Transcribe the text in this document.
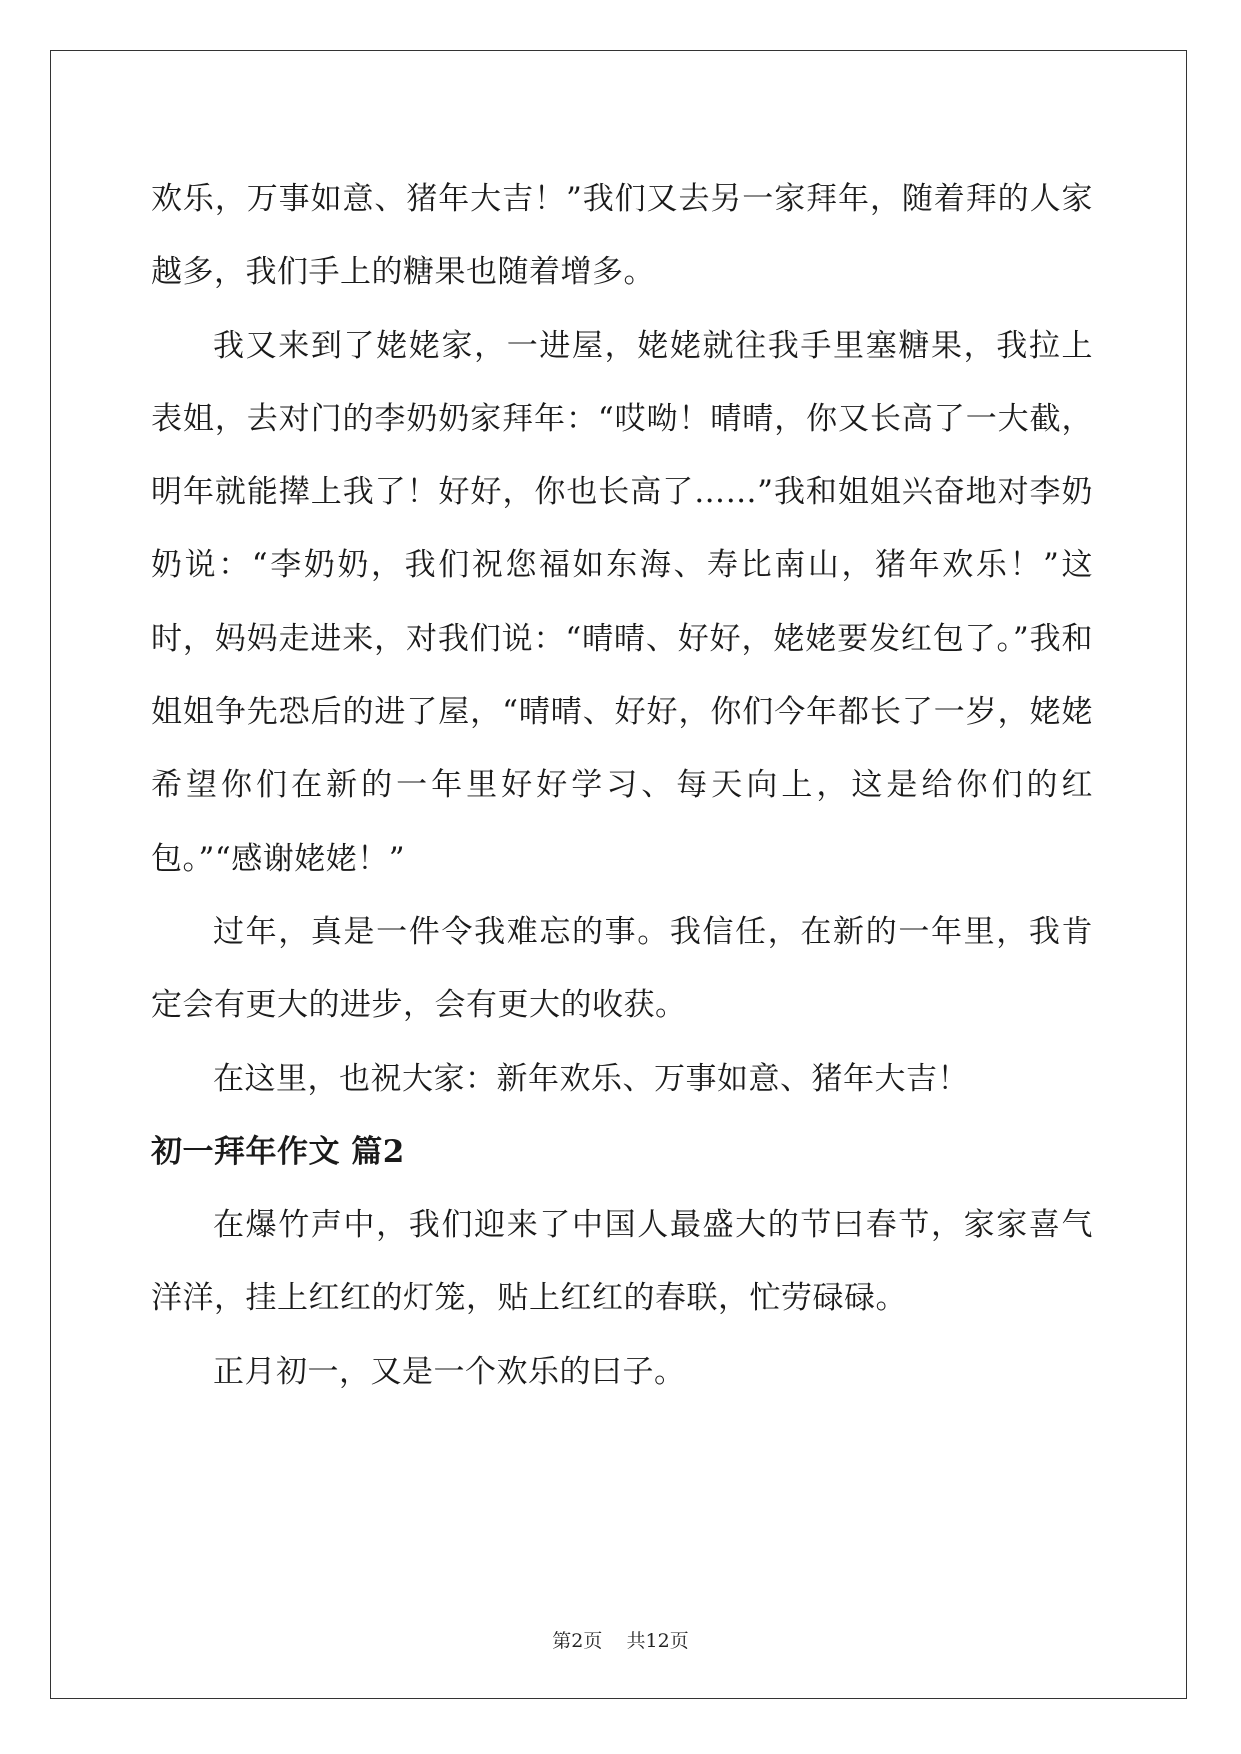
欢乐，万事如意、猪年大吉！”我们又去另一家拜年，随着拜的人家越多，我们手上的糖果也随着增多。

我又来到了姥姥家，一进屋，姥姥就往我手里塞糖果，我拉上表姐，去对门的李奶奶家拜年：“哎呦！晴晴，你又长高了一大截，明年就能撵上我了！好好，你也长高了……”我和姐姐兴奋地对李奶奶说：“李奶奶，我们祝您福如东海、寿比南山，猪年欢乐！”这时，妈妈走进来，对我们说：“晴晴、好好，姥姥要发红包了。”我和姐姐争先恐后的进了屋，“晴晴、好好，你们今年都长了一岁，姥姥希望你们在新的一年里好好学习、每天向上，这是给你们的红包。”“感谢姥姥！”

过年，真是一件令我难忘的事。我信任，在新的一年里，我肯定会有更大的进步，会有更大的收获。

在这里，也祝大家：新年欢乐、万事如意、猪年大吉！

初一拜年作文 篇2

在爆竹声中，我们迎来了中国人最盛大的节曰春节，家家喜气洋洋，挂上红红的灯笼，贴上红红的春联，忙劳碌碌。

正月初一，又是一个欢乐的曰子。

第2页 共12页
